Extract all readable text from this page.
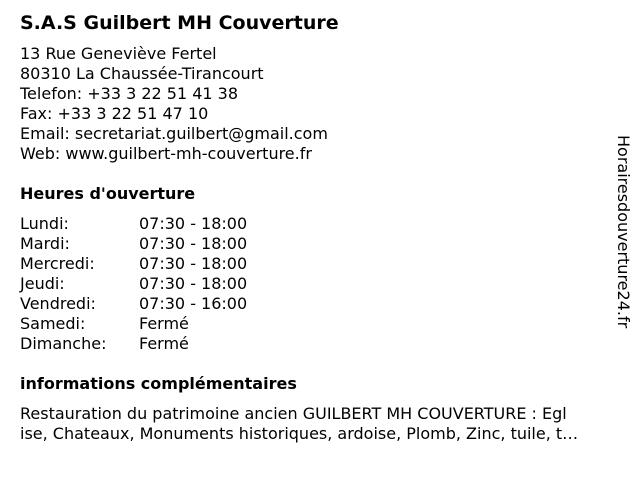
S.A.S Guilbert MH Couverture
13 Rue Geneviève Fertel
80310 La Chaussée-Tirancourt
Telefon: +33 3 22 51 41 38
Fax: +33 3 22 51 47 10
Email: secretariat.guilbert@gmail.com
Web: www.guilbert-mh-couverture.fr
Heures d'ouverture
Lundi:	07:30 - 18:00
Mardi:	07:30 - 18:00
Mercredi:	07:30 - 18:00
Jeudi:	07:30 - 18:00
Vendredi:	07:30 - 16:00
Samedi:	Fermé
Dimanche:	Fermé
informations complémentaires
Restauration du patrimoine ancien GUILBERT MH COUVERTURE : Egl
ise, Chateaux, Monuments historiques, ardoise, Plomb, Zinc, tuile, t…
Horairesdouverture24.fr
